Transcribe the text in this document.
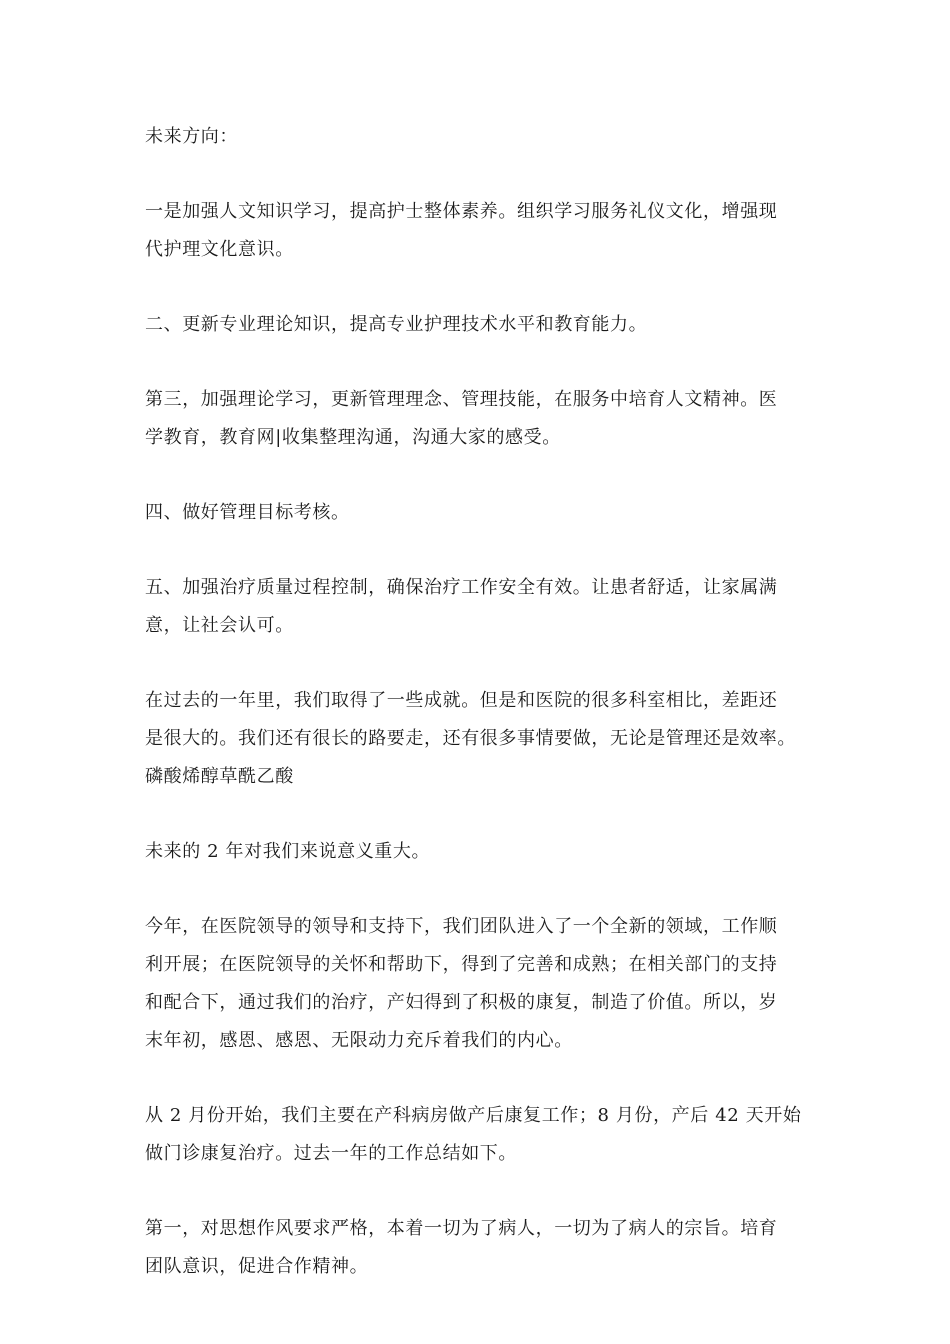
未来方向：

一是加强人文知识学习，提高护士整体素养。组织学习服务礼仪文化，增强现
代护理文化意识。

二、更新专业理论知识，提高专业护理技术水平和教育能力。

第三，加强理论学习，更新管理理念、管理技能，在服务中培育人文精神。医
学教育，教育网|收集整理沟通，沟通大家的感受。

四、做好管理目标考核。

五、加强治疗质量过程控制，确保治疗工作安全有效。让患者舒适，让家属满
意，让社会认可。

在过去的一年里，我们取得了一些成就。但是和医院的很多科室相比，差距还
是很大的。我们还有很长的路要走，还有很多事情要做，无论是管理还是效率。
磷酸烯醇草酰乙酸

未来的 2 年对我们来说意义重大。

今年，在医院领导的领导和支持下，我们团队进入了一个全新的领域，工作顺
利开展；在医院领导的关怀和帮助下，得到了完善和成熟；在相关部门的支持
和配合下，通过我们的治疗，产妇得到了积极的康复，制造了价值。所以，岁
末年初，感恩、感恩、无限动力充斥着我们的内心。

从 2 月份开始，我们主要在产科病房做产后康复工作；8 月份，产后 42 天开始
做门诊康复治疗。过去一年的工作总结如下。

第一，对思想作风要求严格，本着一切为了病人，一切为了病人的宗旨。培育
团队意识，促进合作精神。
